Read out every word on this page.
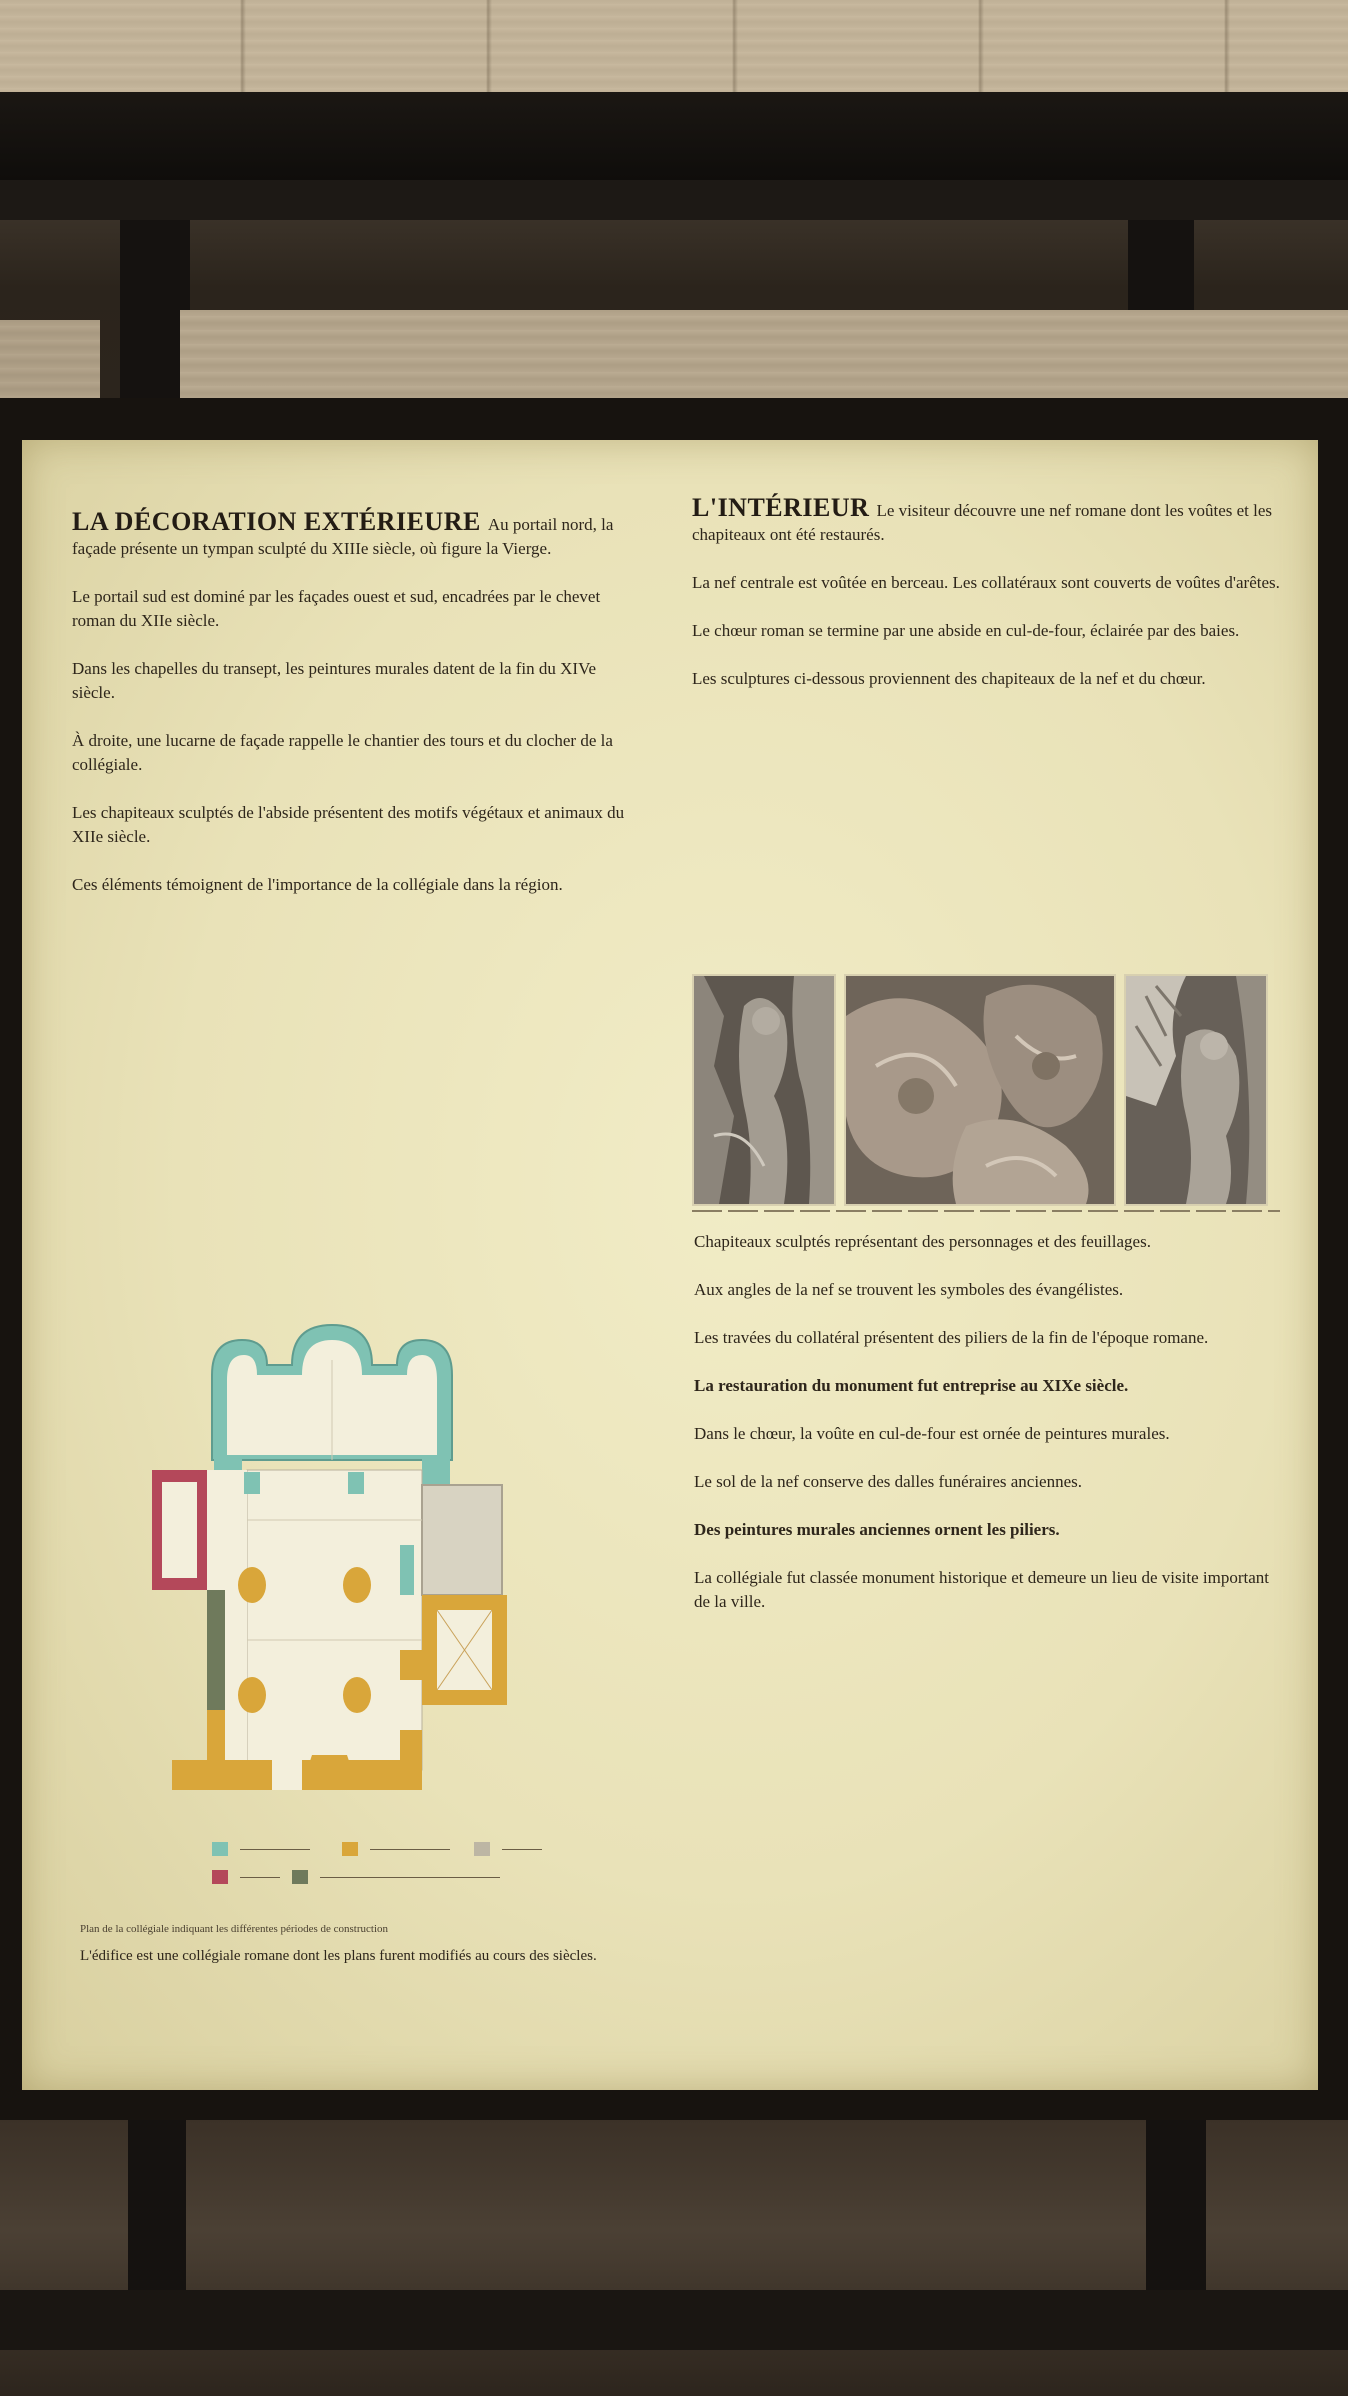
LA DÉCORATION EXTÉRIEURE Au portail nord, la façade présente un tympan sculpté du XIIIe siècle, où figure la Vierge.

Le portail sud est dominé par les façades ouest et sud, encadrées par le chevet roman du XIIe siècle.

Dans les chapelles du transept, les peintures murales datent de la fin du XIVe siècle.

À droite, une lucarne de façade rappelle le chantier des tours et du clocher de la collégiale.

Les chapiteaux sculptés de l'abside présentent des motifs végétaux et animaux du XIIe siècle.

Ces éléments témoignent de l'importance de la collégiale dans la région.

Plan de la collégiale indiquant les différentes périodes de construction
L'édifice est une collégiale romane dont les plans furent modifiés au cours des siècles.
L'INTÉRIEUR Le visiteur découvre une nef romane dont les voûtes et les chapiteaux ont été restaurés.

La nef centrale est voûtée en berceau. Les collatéraux sont couverts de voûtes d'arêtes.

Le chœur roman se termine par une abside en cul-de-four, éclairée par des baies.

Les sculptures ci-dessous proviennent des chapiteaux de la nef et du chœur.

Chapiteaux sculptés représentant des personnages et des feuillages.

Aux angles de la nef se trouvent les symboles des évangélistes.

Les travées du collatéral présentent des piliers de la fin de l'époque romane.

La restauration du monument fut entreprise au XIXe siècle.

Dans le chœur, la voûte en cul-de-four est ornée de peintures murales.

Le sol de la nef conserve des dalles funéraires anciennes.

Des peintures murales anciennes ornent les piliers.

La collégiale fut classée monument historique et demeure un lieu de visite important de la ville.
